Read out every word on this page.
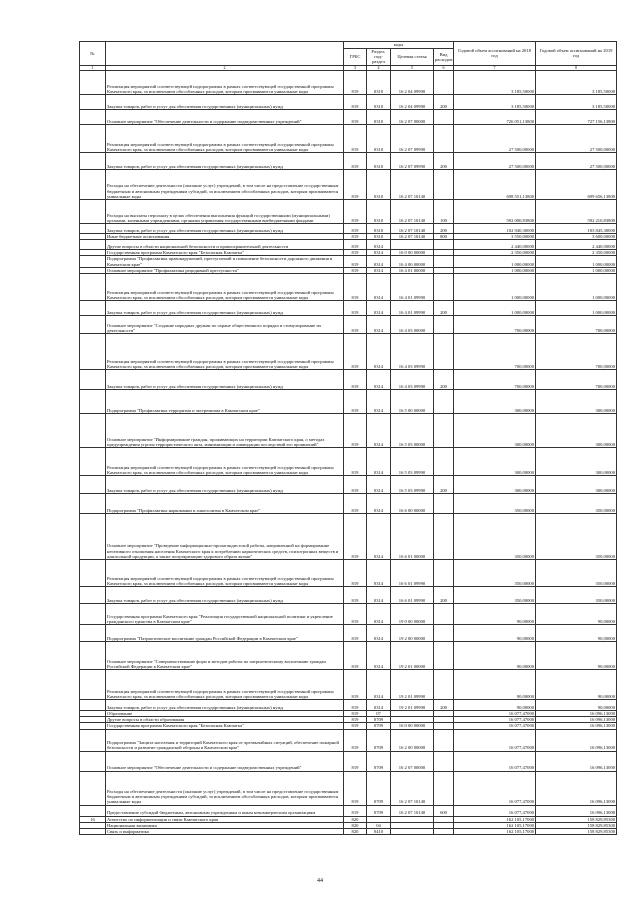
№		коды				Годовой объем ассигнований на 2018 год	Годовой объем ассигнований на 2019 год
		ГРБС	Раздел, под-раздел	Целевая статья	Вид расходов		
1	2	3	4	5	6	7	8
	Реализация мероприятий соответствующей подпрограммы в рамках соответствующей государственной программы Камчатского края, за исключением обособленных расходов, которым присваиваются уникальные коды	819	0310	16 2 04 09990		3 185,50000	3 185,50000
	Закупка товаров, работ и услуг для обеспечения государственных (муниципальных) нужд	819	0310	16 2 04 09990	200	3 185,50000	3 185,50000
	Основное мероприятие "Обеспечение деятельности и содержание подведомственных учреждений"	819	0310	16 2 07 00000		726 051,13800	727 156,13800
	Реализация мероприятий соответствующей подпрограммы в рамках соответствующей государственной программы Камчатского края, за исключением обособленных расходов, которым присваиваются уникальные коды	819	0310	16 2 07 09990		27 500,00000	27 500,00000
	Закупка товаров, работ и услуг для обеспечения государственных (муниципальных) нужд	819	0310	16 2 07 09990	200	27 500,00000	27 500,00000
	Расходы на обеспечение деятельности (оказание услуг) учреждений, в том числе на предоставление государственным бюджетным и автономным учреждениям субсидий, за исключением обособленных расходов, которым присваиваются уникальные коды	819	0310	16 2 07 10140		698 551,13800	699 656,13800
	Расходы на выплаты персоналу в целях обеспечения выполнения функций государственными (муниципальными) органами, казенными учреждениями, органами управления государственными внебюджетными фондами	819	0310	16 2 07 10140	100	592 000,83800	592 210,83800
	Закупка товаров, работ и услуг для обеспечения государственных (муниципальных) нужд	819	0310	16 2 07 10140	200	102 940,30000	103 845,30000
	Иные бюджетные ассигнования	819	0310	16 2 07 10140	800	3 550,00000	3 600,00000
	Другие вопросы в области национальной безопасности и правоохранительной деятельности	819	0314			2 440,00000	2 440,00000
	Государственная программа Камчатского края "Безопасная Камчатка"	819	0314	16 0 00 00000		2 350,00000	2 350,00000
	Подпрограмма "Профилактика правонарушений, преступлений и повышение безопасности дорожного движения в Камчатском крае"	819	0314	16 4 00 00000		1 000,00000	1 000,00000
	Основное мероприятие "Профилактика рецидивной преступности"	819	0314	16 4 01 00000		1 000,00000	1 000,00000
	Реализация мероприятий соответствующей подпрограммы в рамках соответствующей государственной программы Камчатского края, за исключением обособленных расходов, которым присваиваются уникальные коды	819	0314	16 4 01 09990		1 000,00000	1 000,00000
	Закупка товаров, работ и услуг для обеспечения государственных (муниципальных) нужд	819	0314	16 4 01 09990	200	1 000,00000	1 000,00000
	Основное мероприятие "Создание народных дружин по охране общественного порядка и стимулирование их деятельности"	819	0314	16 4 03 00000		700,00000	700,00000
	Реализация мероприятий соответствующей подпрограммы в рамках соответствующей государственной программы Камчатского края, за исключением обособленных расходов, которым присваиваются уникальные коды	819	0314	16 4 03 09990		700,00000	700,00000
	Закупка товаров, работ и услуг для обеспечения государственных (муниципальных) нужд	819	0314	16 4 03 09990	200	700,00000	700,00000
	Подпрограмма "Профилактика терроризма и экстремизма в Камчатском крае"	819	0314	16 5 00 00000		300,00000	300,00000
	Основное мероприятие "Информирование граждан, проживающих на территории Камчатского края, о методах предупреждения угрозы террористического акта, минимизации и ликвидации последствий его проявлений"	819	0314	16 5 03 00000		300,00000	300,00000
	Реализация мероприятий соответствующей подпрограммы в рамках соответствующей государственной программы Камчатского края, за исключением обособленных расходов, которым присваиваются уникальные коды	819	0314	16 5 03 09990		300,00000	300,00000
	Закупка товаров, работ и услуг для обеспечения государственных (муниципальных) нужд	819	0314	16 5 03 09990	200	300,00000	300,00000
	Подпрограмма "Профилактика наркомании и алкоголизма в Камчатском крае"	819	0314	16 6 00 00000		350,00000	350,00000
	Основное мероприятие "Проведение информационно-пропагандистской работы, направленной на формирование негативного отношения населения Камчатского края к потреблению наркотических средств, психотропных веществ и алкогольной продукции, а также популяризацию здорового образа жизни"	819	0314	16 6 01 00000		350,00000	350,00000
	Реализация мероприятий соответствующей подпрограммы в рамках соответствующей государственной программы Камчатского края, за исключением обособленных расходов, которым присваиваются уникальные коды	819	0314	16 6 01 09990		350,00000	350,00000
	Закупка товаров, работ и услуг для обеспечения государственных (муниципальных) нужд	819	0314	16 6 01 09990	200	350,00000	350,00000
	Государственная программа Камчатского края "Реализация государственной национальной политики и укрепление гражданского единства в Камчатском крае"	819	0314	19 0 00 00000		90,00000	90,00000
	Подпрограмма "Патриотическое воспитание граждан Российской Федерации в Камчатском крае"	819	0314	19 2 00 00000		90,00000	90,00000
	Основное мероприятие "Совершенствование форм и методов работы по патриотическому воспитанию граждан Российской Федерации в Камчатском крае"	819	0314	19 2 01 00000		90,00000	90,00000
	Реализация мероприятий соответствующей подпрограммы в рамках соответствующей государственной программы Камчатского края, за исключением обособленных расходов, которым присваиваются уникальные коды	819	0314	19 2 01 09990		90,00000	90,00000
	Закупка товаров, работ и услуг для обеспечения государственных (муниципальных) нужд	819	0314	19 2 01 09990	200	90,00000	90,00000
	Образование	819	07			16 077,47000	16 096,13000
	Другие вопросы в области образования	819	0709			16 077,47000	16 096,13000
	Государственная программа Камчатского края "Безопасная Камчатка"	819	0709	16 0 00 00000		16 077,47000	16 096,13000
	Подпрограмма "Защита населения и территорий Камчатского края от чрезвычайных ситуаций, обеспечение пожарной безопасности и развитие гражданской обороны в Камчатском крае"	819	0709	16 2 00 00000		16 077,47000	16 096,13000
	Основное мероприятие "Обеспечение деятельности и содержание подведомственных учреждений"	819	0709	16 2 07 00000		16 077,47000	16 096,13000
	Расходы на обеспечение деятельности (оказание услуг) учреждений, в том числе на предоставление государственным бюджетным и автономным учреждениям субсидий, за исключением обособленных расходов, которым присваиваются уникальные коды	819	0709	16 2 07 10140		16 077,47000	16 096,13000
	Предоставление субсидий бюджетным, автономным учреждениям и иным некоммерческим организациям	819	0709	16 2 07 10140	600	16 077,47000	16 096,13000
16	Агентство по информатизации и связи Камчатского края	820				162 105,17000	158 829,85300
	Национальная экономика	820	04			162 105,17000	158 829,85300
	Связь и информатика	820	0410			162 105,17000	158 829,85300
44
